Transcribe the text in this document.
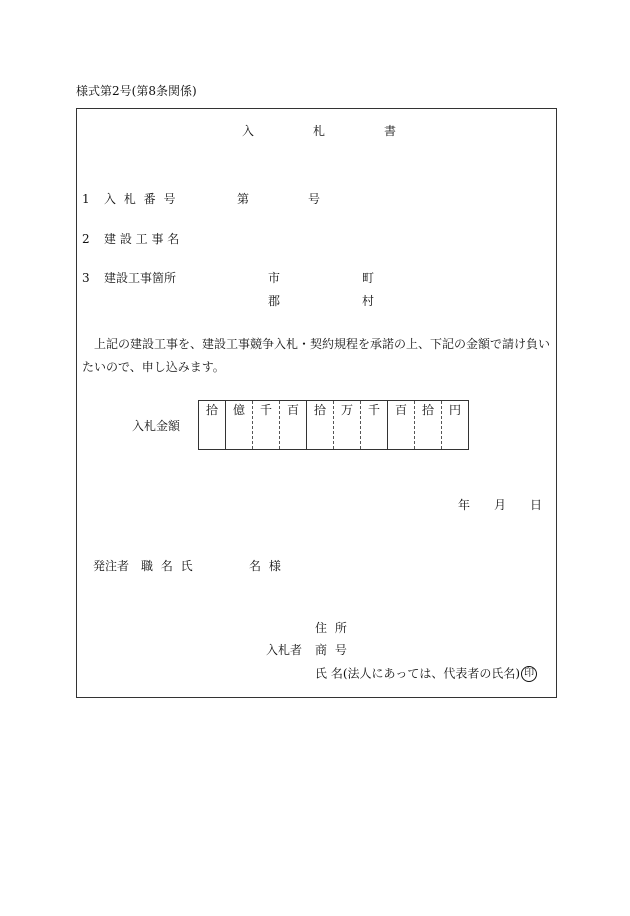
様式第2号(第8条関係)
入	札	書
1 入 札 番 号	第	号
2 建 設 工 事 名
3 建設工事箇所	市	町
郡	村
上記の建設工事を、建設工事競争入札・契約規程を承諾の上、下記の金額で請け負いたいので、申し込みます。
入札金額
拾	億	千	百	拾	万	千	百	拾	円
年 月 日
発注者 職 名 氏	名 様
住 所
入札者 商 号
氏 名(法人にあっては、代表者の氏名) 印
